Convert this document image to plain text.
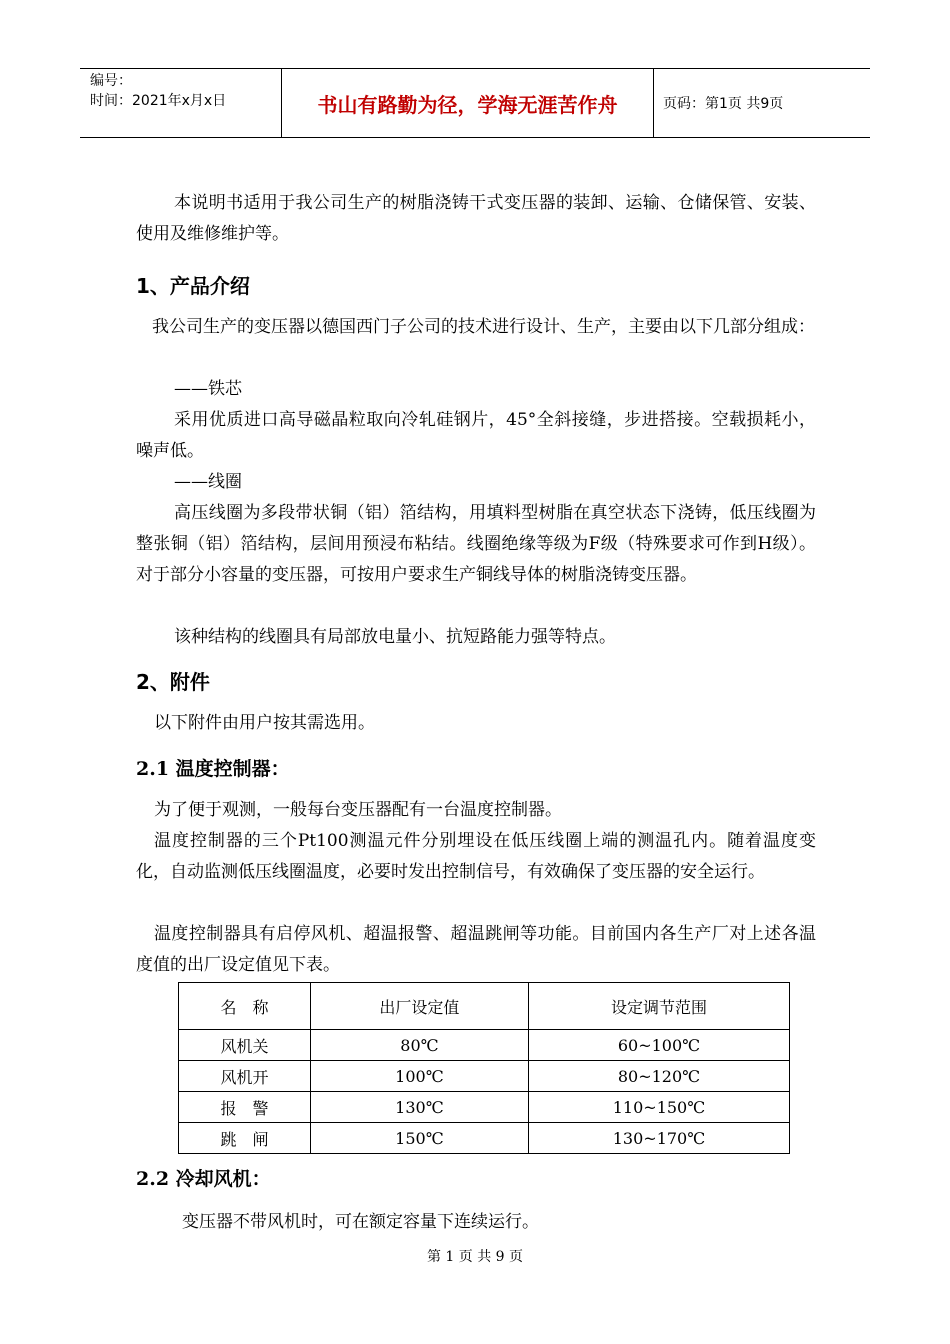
编号：
时间：2021年x月x日	书山有路勤为径，学海无涯苦作舟	页码：第1页 共9页

本说明书适用于我公司生产的树脂浇铸干式变压器的装卸、运输、仓储保管、安装、使用及维修维护等。

1、产品介绍

我公司生产的变压器以德国西门子公司的技术进行设计、生产，主要由以下几部分组成：

——铁芯

采用优质进口高导磁晶粒取向冷轧硅钢片，45°全斜接缝，步进搭接。空载损耗小，噪声低。

——线圈

高压线圈为多段带状铜（铝）箔结构，用填料型树脂在真空状态下浇铸，低压线圈为整张铜（铝）箔结构，层间用预浸布粘结。线圈绝缘等级为F级（特殊要求可作到H级）。对于部分小容量的变压器，可按用户要求生产铜线导体的树脂浇铸变压器。

该种结构的线圈具有局部放电量小、抗短路能力强等特点。

2、附件

以下附件由用户按其需选用。

2.1 温度控制器：

为了便于观测，一般每台变压器配有一台温度控制器。

温度控制器的三个Pt100测温元件分别埋设在低压线圈上端的测温孔内。随着温度变化，自动监测低压线圈温度，必要时发出控制信号，有效确保了变压器的安全运行。

温度控制器具有启停风机、超温报警、超温跳闸等功能。目前国内各生产厂对上述各温度值的出厂设定值见下表。

名　称	出厂设定值	设定调节范围
风机关	80℃	60~100℃
风机开	100℃	80~120℃
报　警	130℃	110~150℃
跳　闸	150℃	130~170℃
2.2 冷却风机：

变压器不带风机时，可在额定容量下连续运行。

第 1 页 共 9 页
